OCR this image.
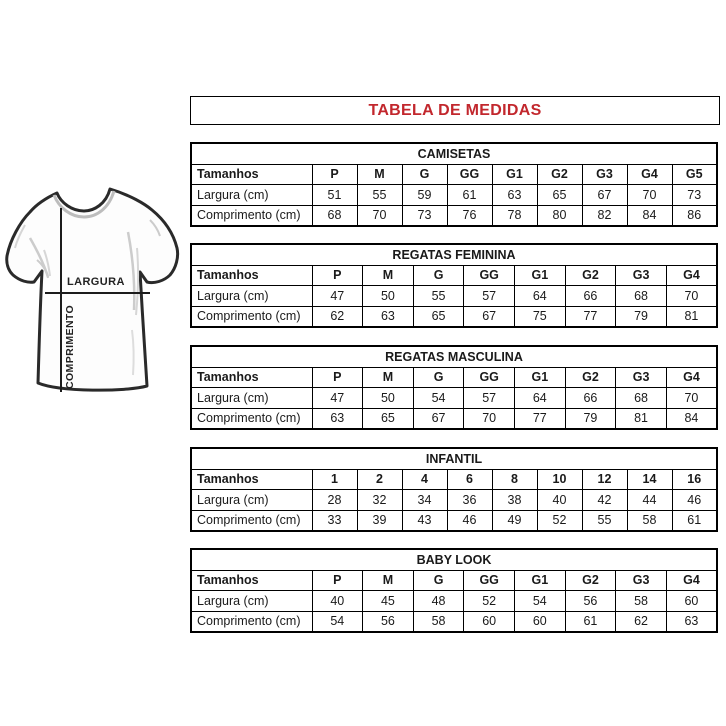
LARGURA
COMPRIMENTO
TABELA DE MEDIDAS
CAMISETAS									
Tamanhos	P	M	G	GG	G1	G2	G3	G4	G5
Largura (cm)	51	55	59	61	63	65	67	70	73
Comprimento (cm)	68	70	73	76	78	80	82	84	86
REGATAS FEMININA								
Tamanhos	P	M	G	GG	G1	G2	G3	G4
Largura (cm)	47	50	55	57	64	66	68	70
Comprimento (cm)	62	63	65	67	75	77	79	81
REGATAS MASCULINA								
Tamanhos	P	M	G	GG	G1	G2	G3	G4
Largura (cm)	47	50	54	57	64	66	68	70
Comprimento (cm)	63	65	67	70	77	79	81	84
INFANTIL									
Tamanhos	1	2	4	6	8	10	12	14	16
Largura (cm)	28	32	34	36	38	40	42	44	46
Comprimento (cm)	33	39	43	46	49	52	55	58	61
BABY LOOK								
Tamanhos	P	M	G	GG	G1	G2	G3	G4
Largura (cm)	40	45	48	52	54	56	58	60
Comprimento (cm)	54	56	58	60	60	61	62	63
